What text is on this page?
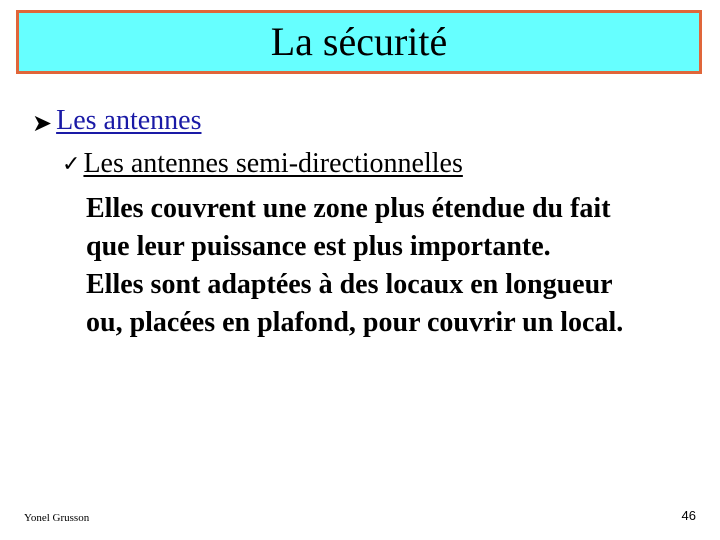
La sécurité
➤ Les antennes
✓ Les antennes semi-directionnelles
Elles couvrent une zone plus étendue du fait
que leur puissance est plus importante.
Elles sont adaptées à des locaux en longueur
ou, placées en plafond, pour couvrir un local.
Yonel Grusson	46
